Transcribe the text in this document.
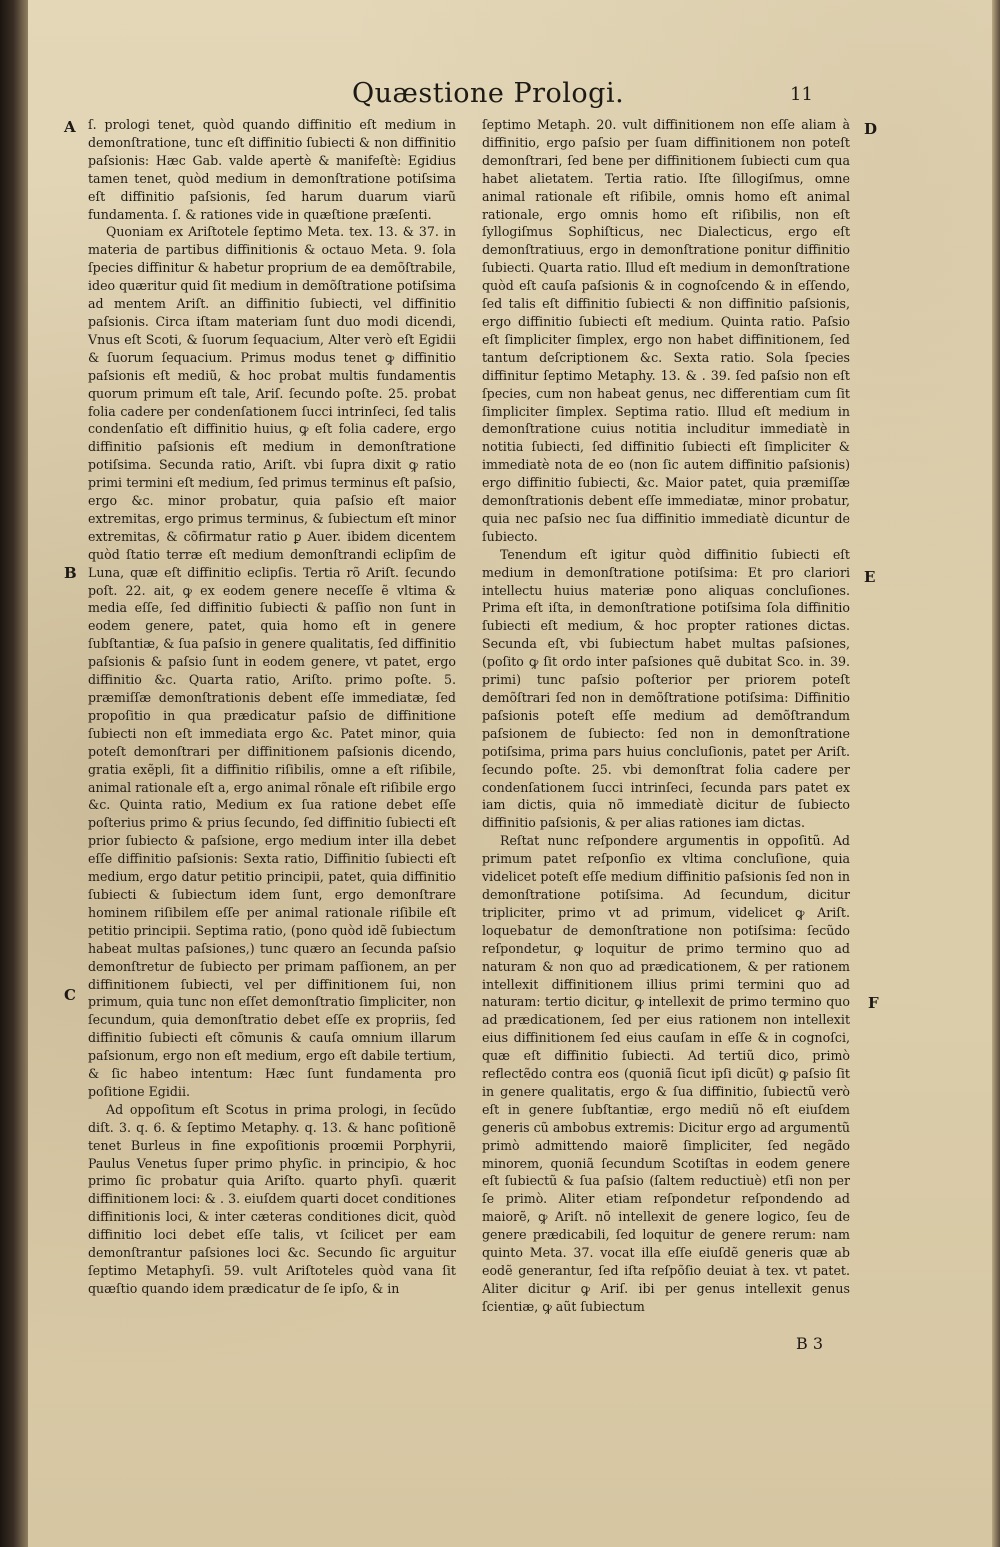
Quæstione Prologi.	11
A
B
C
D
E
F

ſ. prologi tenet, quòd quando diffinitio eſt medium in demonſtratione, tunc eſt diffinitio ſubiecti & non diffinitio paſsionis: Hæc Gab. valde apertè & manifeſtè: Egidius tamen tenet, quòd medium in demonſtratione potiſsima eſt diffinitio paſsionis, ſed harum duarum viarũ fundamenta. ſ. & rationes vide in quæſtione præſenti.

Quoniam ex Ariſtotele ſeptimo Meta. tex. 13. & 37. in materia de partibus diffinitionis & octauo Meta. 9. ſola ſpecies diffinitur & habetur proprium de ea demõſtrabile, ideo quæritur quid ſit medium in demõſtratione potiſsima ad mentem Ariſt. an diffinitio ſubiecti, vel diffinitio paſsionis. Circa iſtam materiam ſunt duo modi dicendi, Vnus eſt Scoti, & ſuorum ſequacium, Alter verò eſt Egidii & ſuorum ſequacium. Primus modus tenet ꝙ diffinitio paſsionis eſt mediũ, & hoc probat multis fundamentis quorum primum eſt tale, Ariſ. ſecundo poſte. 25. probat folia cadere per condenſationem ſucci intrinſeci, ſed talis condenſatio eſt diffinitio huius, ꝙ eſt folia cadere, ergo diffinitio paſsionis eſt medium in demonſtratione potiſsima. Secunda ratio, Ariſt. vbi ſupra dixit ꝙ ratio primi termini eſt medium, ſed primus terminus eſt paſsio, ergo &c. minor probatur, quia paſsio eſt maior extremitas, ergo primus terminus, & ſubiectum eſt minor extremitas, & cõfirmatur ratio ꝑ Auer. ibidem dicentem quòd ſtatio terræ eſt medium demonſtrandi eclipſim de Luna, quæ eſt diffinitio eclipſis. Tertia rõ Ariſt. ſecundo poſt. 22. ait, ꝙ ex eodem genere neceſſe ẽ vltima & media eſſe, ſed diffinitio ſubiecti & paſſio non ſunt in eodem genere, patet, quia homo eſt in genere ſubſtantiæ, & ſua paſsio in genere qualitatis, ſed diffinitio paſsionis & paſsio ſunt in eodem genere, vt patet, ergo diffinitio &c. Quarta ratio, Ariſto. primo poſte. 5. præmiſſæ demonſtrationis debent eſſe immediatæ, ſed propoſitio in qua prædicatur paſsio de diffinitione ſubiecti non eſt immediata ergo &c. Patet minor, quia poteſt demonſtrari per diffinitionem paſsionis dicendo, gratia exẽpli, ſit a diffinitio riſibilis, omne a eſt riſibile, animal rationale eſt a, ergo animal rõnale eſt riſibile ergo &c. Quinta ratio, Medium ex ſua ratione debet eſſe poſterius primo & prius ſecundo, ſed diffinitio ſubiecti eſt prior ſubiecto & paſsione, ergo medium inter illa debet eſſe diffinitio paſsionis: Sexta ratio, Diffinitio ſubiecti eſt medium, ergo datur petitio principii, patet, quia diffinitio ſubiecti & ſubiectum idem ſunt, ergo demonſtrare hominem riſibilem eſſe per animal rationale riſibile eſt petitio principii. Septima ratio, (pono quòd idẽ ſubiectum habeat multas paſsiones,) tunc quæro an ſecunda paſsio demonſtretur de ſubiecto per primam paſſionem, an per diffinitionem ſubiecti, vel per diffinitionem ſui, non primum, quia tunc non eſſet demonſtratio ſimpliciter, non ſecundum, quia demonſtratio debet eſſe ex propriis, ſed diffinitio ſubiecti eſt cõmunis & cauſa omnium illarum paſsionum, ergo non eſt medium, ergo eſt dabile tertium, & ſic habeo intentum: Hæc ſunt fundamenta pro poſitione Egidii.

Ad oppoſitum eſt Scotus in prima prologi, in ſecũdo diſt. 3. q. 6. & ſeptimo Metaphy. q. 13. & hanc poſitionẽ tenet Burleus in fine expoſitionis proœmii Porphyrii, Paulus Venetus ſuper primo phyſic. in principio, & hoc primo ſic probatur quia Ariſto. quarto phyſi. quærit diffinitionem loci: & . 3. eiuſdem quarti docet conditiones diffinitionis loci, & inter cæteras conditiones dicit, quòd diffinitio loci debet eſſe talis, vt ſcilicet per eam demonſtrantur paſsiones loci &c. Secundo ſic arguitur ſeptimo Metaphyſi. 59. vult Ariſtoteles quòd vana ſit quæſtio quando idem prædicatur de ſe ipſo, & in

ſeptimo Metaph. 20. vult diffinitionem non eſſe aliam à diffinitio, ergo paſsio per ſuam diffinitionem non poteſt demonſtrari, ſed bene per diffinitionem ſubiecti cum qua habet alietatem. Tertia ratio. Iſte ſillogiſmus, omne animal rationale eſt riſibile, omnis homo eſt animal rationale, ergo omnis homo eſt riſibilis, non eſt ſyllogiſmus Sophiſticus, nec Dialecticus, ergo eſt demonſtratiuus, ergo in demonſtratione ponitur diffinitio ſubiecti. Quarta ratio. Illud eſt medium in demonſtratione quòd eſt cauſa paſsionis & in cognoſcendo & in eſſendo, ſed talis eſt diffinitio ſubiecti & non diffinitio paſsionis, ergo diffinitio ſubiecti eſt medium. Quinta ratio. Paſsio eſt ſimpliciter ſimplex, ergo non habet diffinitionem, ſed tantum deſcriptionem &c. Sexta ratio. Sola ſpecies diffinitur ſeptimo Metaphy. 13. & . 39. ſed paſsio non eſt ſpecies, cum non habeat genus, nec differentiam cum ſit ſimpliciter ſimplex. Septima ratio. Illud eſt medium in demonſtratione cuius notitia includitur immediatè in notitia ſubiecti, ſed diffinitio ſubiecti eſt ſimpliciter & immediatè nota de eo (non ſic autem diffinitio paſsionis) ergo diffinitio ſubiecti, &c. Maior patet, quia præmiſſæ demonſtrationis debent eſſe immediatæ, minor probatur, quia nec paſsio nec ſua diffinitio immediatè dicuntur de ſubiecto.

Tenendum eſt igitur quòd diffinitio ſubiecti eſt medium in demonſtratione potiſsima: Et pro clariori intellectu huius materiæ pono aliquas concluſiones. Prima eſt iſta, in demonſtratione potiſsima ſola diffinitio ſubiecti eſt medium, & hoc propter rationes dictas. Secunda eſt, vbi ſubiectum habet multas paſsiones, (poſito ꝙ ſit ordo inter paſsiones quẽ dubitat Sco. in. 39. primi) tunc paſsio poſterior per priorem poteſt demõſtrari ſed non in demõſtratione potiſsima: Diffinitio paſsionis poteſt eſſe medium ad demõſtrandum paſsionem de ſubiecto: ſed non in demonſtratione potiſsima, prima pars huius concluſionis, patet per Ariſt. ſecundo poſte. 25. vbi demonſtrat folia cadere per condenſationem ſucci intrinſeci, ſecunda pars patet ex iam dictis, quia nõ immediatè dicitur de ſubiecto diffinitio paſsionis, & per alias rationes iam dictas.

Reſtat nunc reſpondere argumentis in oppoſitũ. Ad primum patet reſponſio ex vltima concluſione, quia videlicet poteſt eſſe medium diffinitio paſsionis ſed non in demonſtratione potiſsima. Ad ſecundum, dicitur tripliciter, primo vt ad primum, videlicet ꝙ Ariſt. loquebatur de demonſtratione non potiſsima: ſecũdo reſpondetur, ꝙ loquitur de primo termino quo ad naturam & non quo ad prædicationem, & per rationem intellexit diffinitionem illius primi termini quo ad naturam: tertio dicitur, ꝙ intellexit de primo termino quo ad prædicationem, ſed per eius rationem non intellexit eius diffinitionem ſed eius cauſam in eſſe & in cognoſci, quæ eſt diffinitio ſubiecti. Ad tertiũ dico, primò reflectẽdo contra eos (quoniã ſicut ipſi dicũt) ꝙ paſsio ſit in genere qualitatis, ergo & ſua diffinitio, ſubiectũ verò eſt in genere ſubſtantiæ, ergo mediũ nõ eſt eiuſdem generis cũ ambobus extremis: Dicitur ergo ad argumentũ primò admittendo maiorẽ ſimpliciter, ſed negãdo minorem, quoniã ſecundum Scotiſtas in eodem genere eſt ſubiectũ & ſua paſsio (ſaltem reductiuè) etſi non per ſe primò. Aliter etiam reſpondetur reſpondendo ad maiorẽ, ꝙ Ariſt. nõ intellexit de genere logico, ſeu de genere prædicabili, ſed loquitur de genere rerum: nam quinto Meta. 37. vocat illa eſſe eiuſdẽ generis quæ ab eodẽ generantur, ſed iſta reſpõſio deuiat à tex. vt patet. Aliter dicitur ꝙ Ariſ. ibi per genus intellexit genus ſcientiæ, ꝙ aũt ſubiectum

B 3
